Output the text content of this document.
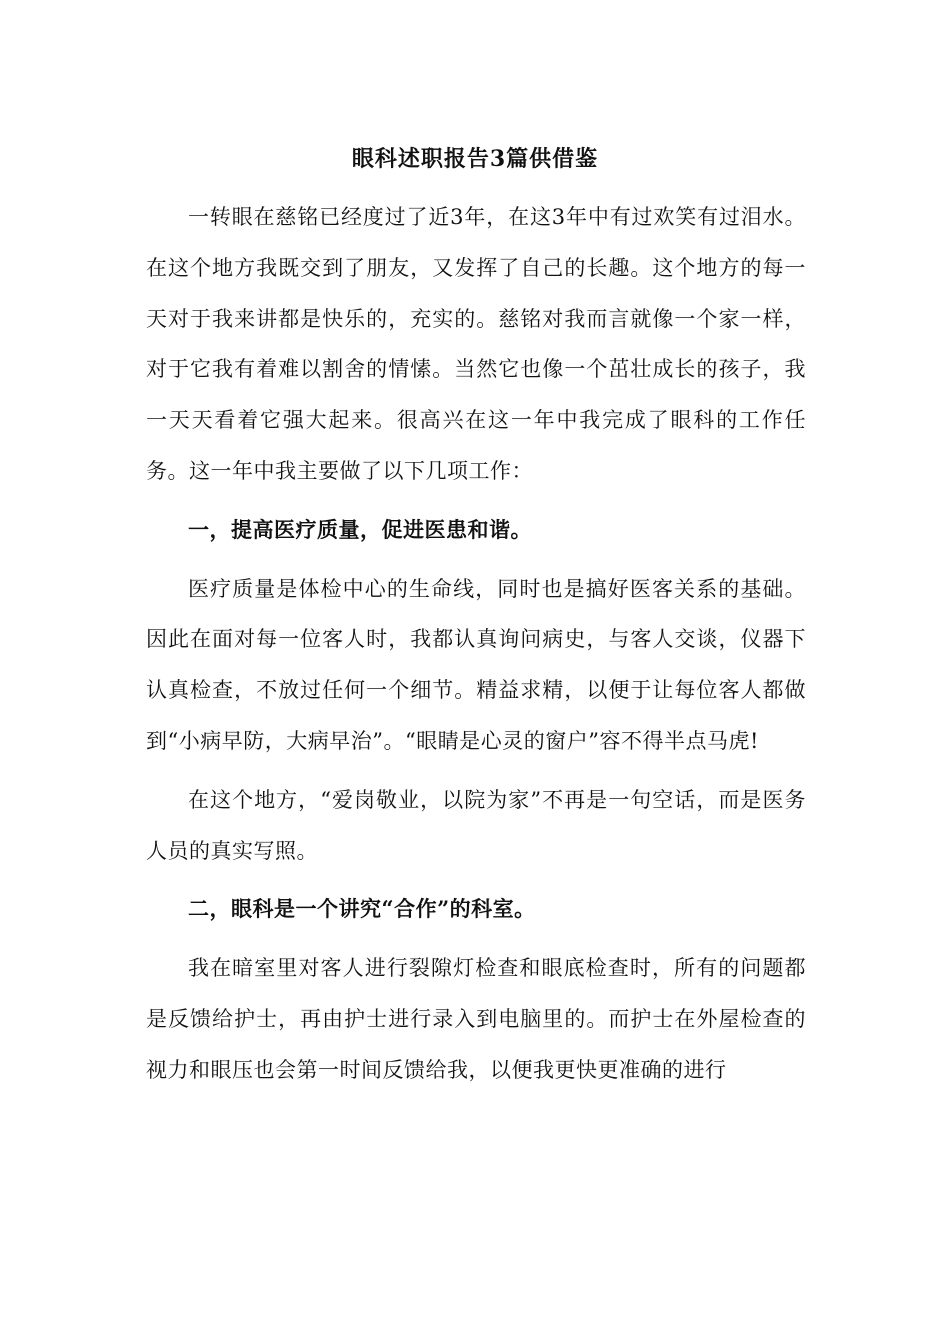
眼科述职报告3篇供借鉴

一转眼在慈铭已经度过了近3年，在这3年中有过欢笑有过泪水。在这个地方我既交到了朋友，又发挥了自己的长趣。这个地方的每一天对于我来讲都是快乐的，充实的。慈铭对我而言就像一个家一样，对于它我有着难以割舍的情愫。当然它也像一个茁壮成长的孩子，我一天天看着它强大起来。很高兴在这一年中我完成了眼科的工作任务。这一年中我主要做了以下几项工作：

一，提高医疗质量，促进医患和谐。

医疗质量是体检中心的生命线，同时也是搞好医客关系的基础。因此在面对每一位客人时，我都认真询问病史，与客人交谈，仪器下认真检查，不放过任何一个细节。精益求精，以便于让每位客人都做到“小病早防，大病早治”。“眼睛是心灵的窗户”容不得半点马虎!

在这个地方，“爱岗敬业，以院为家”不再是一句空话，而是医务人员的真实写照。

二，眼科是一个讲究“合作”的科室。

我在暗室里对客人进行裂隙灯检查和眼底检查时，所有的问题都是反馈给护士，再由护士进行录入到电脑里的。而护士在外屋检查的视力和眼压也会第一时间反馈给我，以便我更快更准确的进行
